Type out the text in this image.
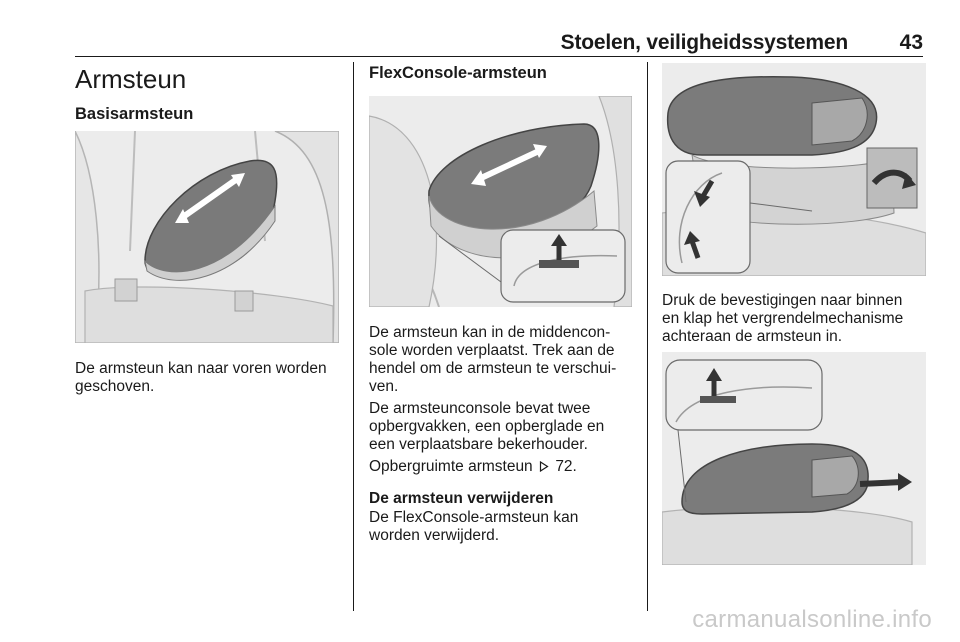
Stoelen, veiligheidssystemen 43
Armsteun
Basisarmsteun

De armsteun kan naar voren worden
geschoven.

FlexConsole-armsteun

De armsteun kan in de middencon-
sole worden verplaatst. Trek aan de
hendel om de armsteun te verschui-
ven.

De armsteunconsole bevat twee
opbergvakken, een opberglade en
een verplaatsbare bekerhouder.

Opbergruimte armsteun 72.

De armsteun verwijderen

De FlexConsole-armsteun kan
worden verwijderd.

Druk de bevestigingen naar binnen
en klap het vergrendelmechanisme
achteraan de armsteun in.

carmanualsonline.info
